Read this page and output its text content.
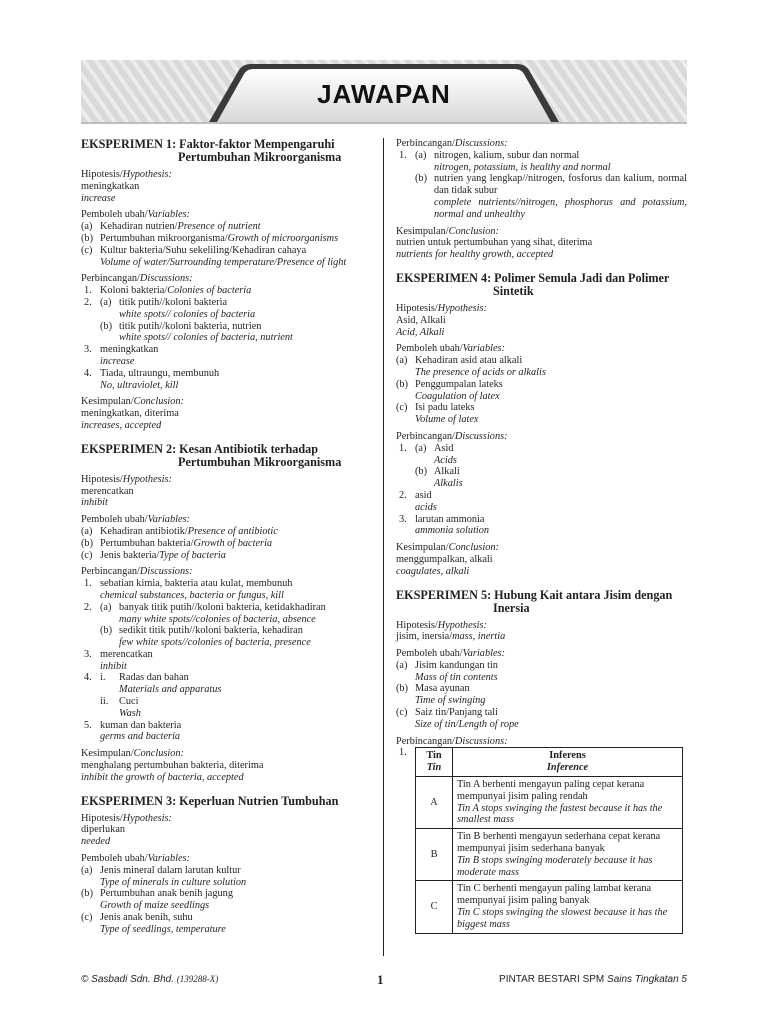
JAWAPAN
EKSPERIMEN 1: Faktor-faktor Mempengaruhi
Pertumbuhan Mikroorganisma
Hipotesis/Hypothesis:
meningkatkan
increase
Pemboleh ubah/Variables:
(a) Kehadiran nutrien/Presence of nutrient
(b) Pertumbuhan mikroorganisma/Growth of microorganisms
(c) Kultur bakteria/Suhu sekeliling/Kehadiran cahaya
Volume of water/Surrounding temperature/Presence of light
Perbincangan/Discussions:
1. Koloni bakteria/Colonies of bacteria
2. (a) titik putih//koloni bakteria
white spots// colonies of bacteria
(b) titik putih//koloni bakteria, nutrien
white spots// colonies of bacteria, nutrient
3. meningkatkan
increase
4. Tiada, ultraungu, membunuh
No, ultraviolet, kill
Kesimpulan/Conclusion:
meningkatkan, diterima
increases, accepted
EKSPERIMEN 2: Kesan Antibiotik terhadap
Pertumbuhan Mikroorganisma
Hipotesis/Hypothesis:
merencatkan
inhibit
Pemboleh ubah/Variables:
(a) Kehadiran antibiotik/Presence of antibiotic
(b) Pertumbuhan bakteria/Growth of bacteria
(c) Jenis bakteria/Type of bacteria
Perbincangan/Discussions:
1. sebatian kimia, bakteria atau kulat, membunuh
chemical substances, bacteria or fungus, kill
2. (a) banyak titik putih//koloni bakteria, ketidakhadiran
many white spots//colonies of bacteria, absence
(b) sedikit titik putih//koloni bakteria, kehadiran
few white spots//colonies of bacteria, presence
3. merencatkan
inhibit
4. i.	Radas dan bahan
Materials and apparatus
ii.	Cuci
Wash
5. kuman dan bakteria
germs and bacteria
Kesimpulan/Conclusion:
menghalang pertumbuhan bakteria, diterima
inhibit the growth of bacteria, accepted
EKSPERIMEN 3: Keperluan Nutrien Tumbuhan
Hipotesis/Hypothesis:
diperlukan
needed
Pemboleh ubah/Variables:
(a) Jenis mineral dalam larutan kultur
Type of minerals in culture solution
(b) Pertumbuhan anak benih jagung
Growth of maize seedlings
(c) Jenis anak benih, suhu
Type of seedlings, temperature
Perbincangan/Discussions:
1. (a) nitrogen, kalium, subur dan normal
nitrogen, potassium, is healthy and normal
(b) nutrien yang lengkap//nitrogen, fosforus dan kalium, normal dan tidak subur
complete nutrients//nitrogen, phosphorus and potassium, normal and unhealthy
Kesimpulan/Conclusion:
nutrien untuk pertumbuhan yang sihat, diterima
nutrients for healthy growth, accepted
EKSPERIMEN 4: Polimer Semula Jadi dan Polimer
Sintetik
Hipotesis/Hypothesis:
Asid, Alkali
Acid, Alkali
Pemboleh ubah/Variables:
(a) Kehadiran asid atau alkali
The presence of acids or alkalis
(b) Penggumpalan lateks
Coagulation of latex
(c) Isi padu lateks
Volume of latex
Perbincangan/Discussions:
1. (a) Asid
Acids
(b) Alkali
Alkalis
2. asid
acids
3. larutan ammonia
ammonia solution
Kesimpulan/Conclusion:
menggumpalkan, alkali
coagulates, alkali
EKSPERIMEN 5: Hubung Kait antara Jisim dengan
Inersia
Hipotesis/Hypothesis:
jisim, inersia/mass, inertia
Pemboleh ubah/Variables:
(a) Jisim kandungan tin
Mass of tin contents
(b) Masa ayunan
Time of swinging
(c) Saiz tin/Panjang tali
Size of tin/Length of rope
Perbincangan/Discussions:
1.	Tin
Tin	Inferens
Inference
A	Tin A berhenti mengayun paling cepat kerana mempunyai jisim paling rendah
Tin A stops swinging the fastest because it has the smallest mass
B	Tin B berhenti mengayun sederhana cepat kerana mempunyai jisim sederhana banyak
Tin B stops swinging moderately because it has moderate mass
C	Tin C berhenti mengayun paling lambat kerana mempunyai jisim paling banyak
Tin C stops swinging the slowest because it has the biggest mass
© Sasbadi Sdn. Bhd. (139288-X)	1	PINTAR BESTARI SPM Sains Tingkatan 5
